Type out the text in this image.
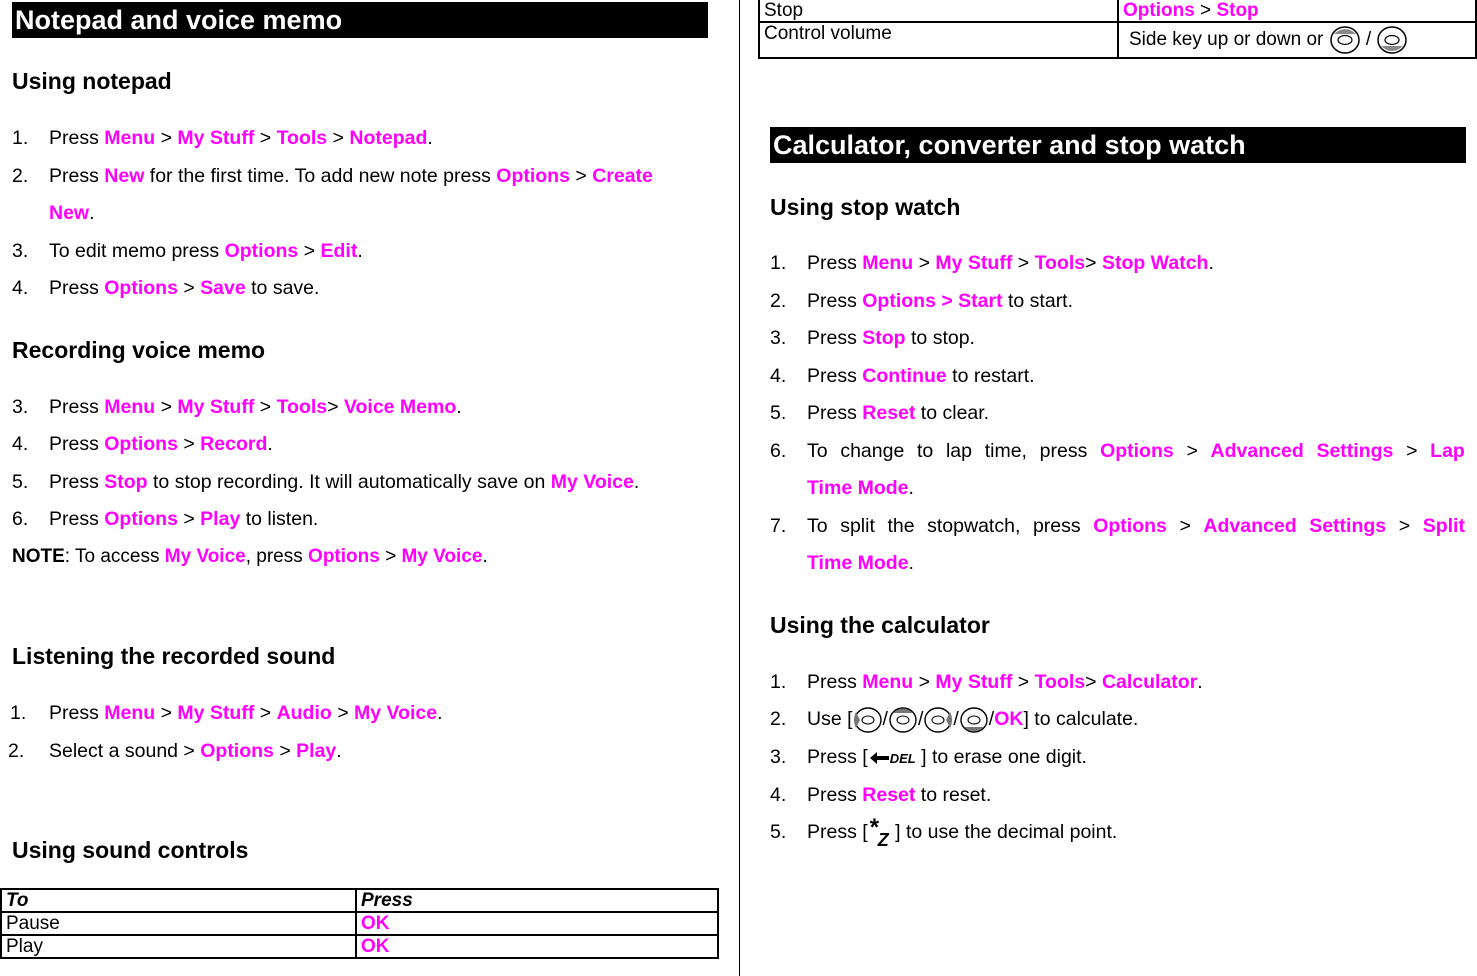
Notepad and voice memo
Using notepad
1. Press Menu > My Stuff > Tools > Notepad.
2. Press New for the first time. To add new note press Options > Create
New.
3. To edit memo press Options > Edit.
4. Press Options > Save to save.
Recording voice memo
3. Press Menu > My Stuff > Tools> Voice Memo.
4. Press Options > Record.
5. Press Stop to stop recording. It will automatically save on My Voice.
6. Press Options > Play to listen.
NOTE: To access My Voice, press Options > My Voice.
Listening the recorded sound
1. Press Menu > My Stuff > Audio > My Voice.
2. Select a sound > Options > Play.
Using sound controls
To	Press
Pause	OK
Play	OK
Stop	Options > Stop
Control volume	Side key up or down or  /
Calculator, converter and stop watch
Using stop watch
1. Press Menu > My Stuff > Tools> Stop Watch.
2. Press Options > Start to start.
3. Press Stop to stop.
4. Press Continue to restart.
5. Press Reset to clear.
6. To change to lap time, press Options > Advanced Settings > Lap
Time Mode.
7. To split the stopwatch, press Options > Advanced Settings > Split
Time Mode.
Using the calculator
1. Press Menu > My Stuff > Tools> Calculator.
2. Use [ / / / /OK] to calculate.
3. Press [ DEL ] to erase one digit.
4. Press Reset to reset.
5. Press [ *
Z ] to use the decimal point.
